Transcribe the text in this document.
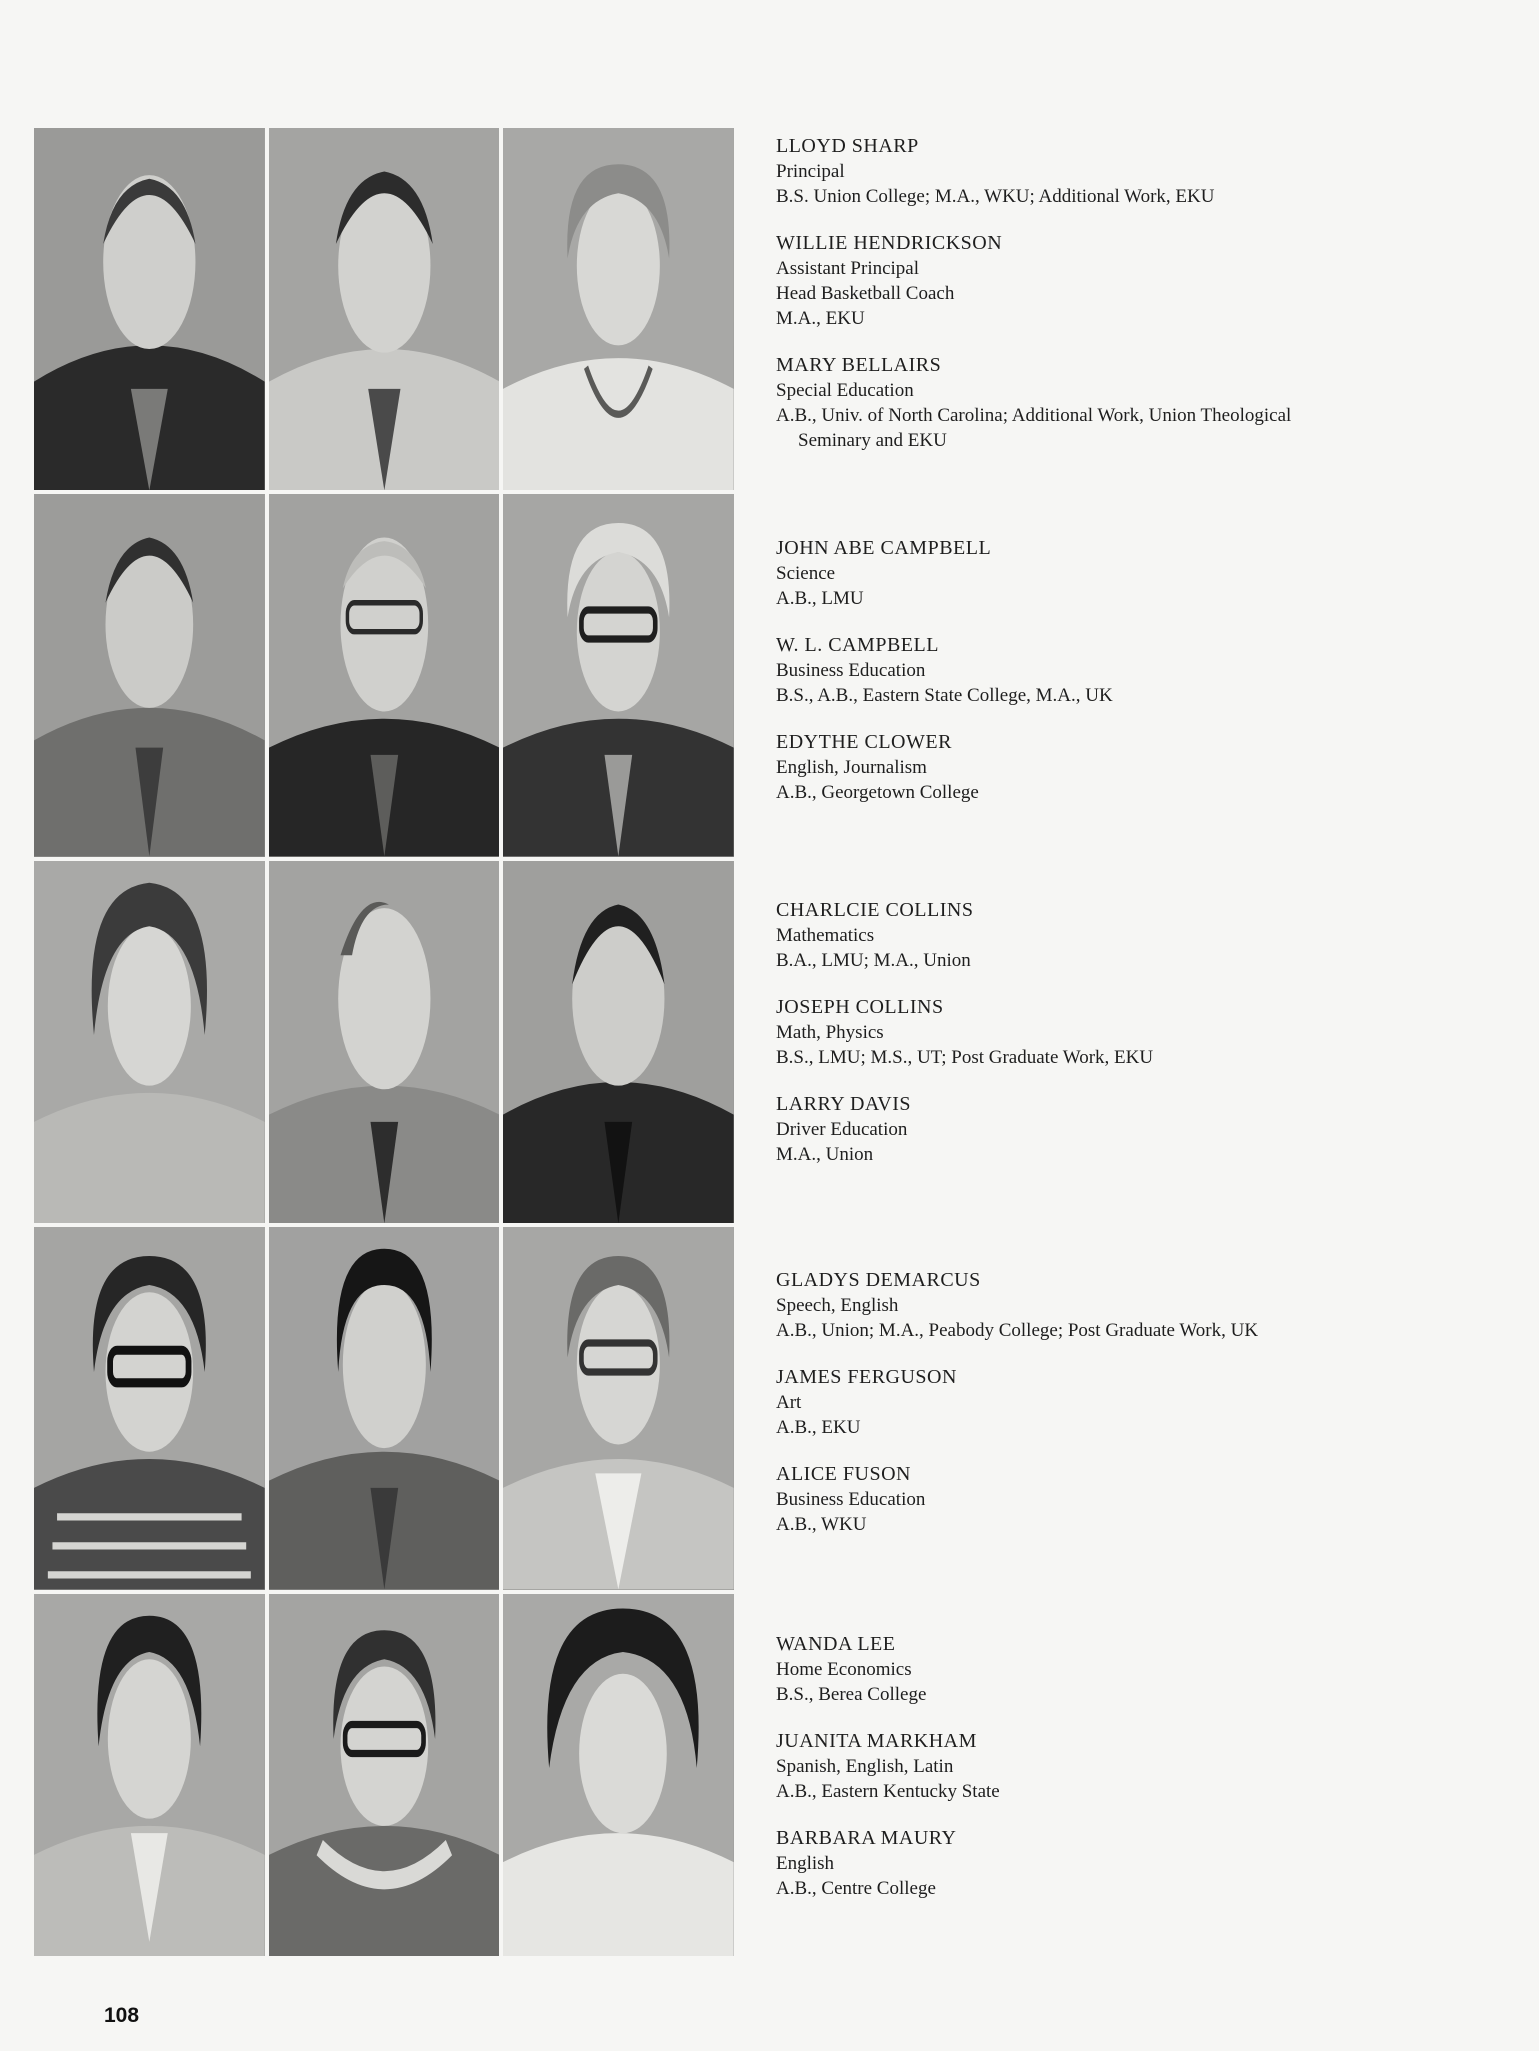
LLOYD SHARP
Principal
B.S. Union College; M.A., WKU; Additional Work, EKU
WILLIE HENDRICKSON
Assistant Principal
Head Basketball Coach
M.A., EKU
MARY BELLAIRS
Special Education
A.B., Univ. of North Carolina; Additional Work, Union Theological
Seminary and EKU
JOHN ABE CAMPBELL
Science
A.B., LMU
W. L. CAMPBELL
Business Education
B.S., A.B., Eastern State College, M.A., UK
EDYTHE CLOWER
English, Journalism
A.B., Georgetown College
CHARLCIE COLLINS
Mathematics
B.A., LMU; M.A., Union
JOSEPH COLLINS
Math, Physics
B.S., LMU; M.S., UT; Post Graduate Work, EKU
LARRY DAVIS
Driver Education
M.A., Union
GLADYS DEMARCUS
Speech, English
A.B., Union; M.A., Peabody College; Post Graduate Work, UK
JAMES FERGUSON
Art
A.B., EKU
ALICE FUSON
Business Education
A.B., WKU
WANDA LEE
Home Economics
B.S., Berea College
JUANITA MARKHAM
Spanish, English, Latin
A.B., Eastern Kentucky State
BARBARA MAURY
English
A.B., Centre College
108
